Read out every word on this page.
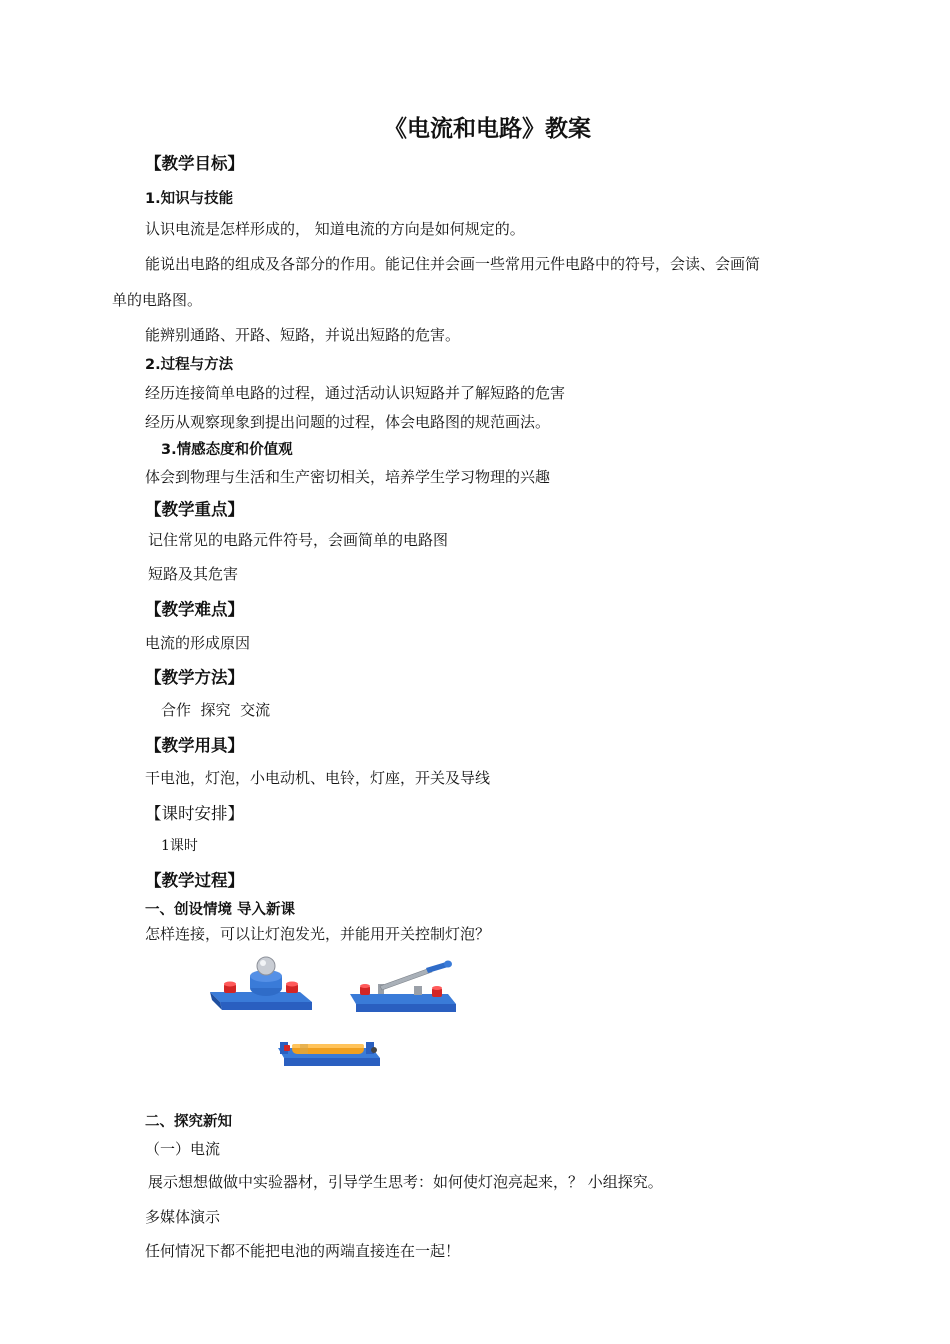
《电流和电路》教案
【教学目标】
1.知识与技能
认识电流是怎样形成的， 知道电流的方向是如何规定的。
能说出电路的组成及各部分的作用。能记住并会画一些常用元件电路中的符号，会读、会画简
单的电路图。
能辨别通路、开路、短路，并说出短路的危害。
2.过程与方法
经历连接简单电路的过程，通过活动认识短路并了解短路的危害
经历从观察现象到提出问题的过程，体会电路图的规范画法。
3.情感态度和价值观
体会到物理与生活和生产密切相关，培养学生学习物理的兴趣
【教学重点】
记住常见的电路元件符号，会画简单的电路图
短路及其危害
【教学难点】
电流的形成原因
【教学方法】
合作  探究  交流
【教学用具】
干电池，灯泡，小电动机、电铃，灯座，开关及导线
【课时安排】
1课时
【教学过程】
一、创设情境 导入新课
怎样连接，可以让灯泡发光，并能用开关控制灯泡？
二、探究新知
（一）电流
展示想想做做中实验器材，引导学生思考：如何使灯泡亮起来，？ 小组探究。
多媒体演示
任何情况下都不能把电池的两端直接连在一起！
